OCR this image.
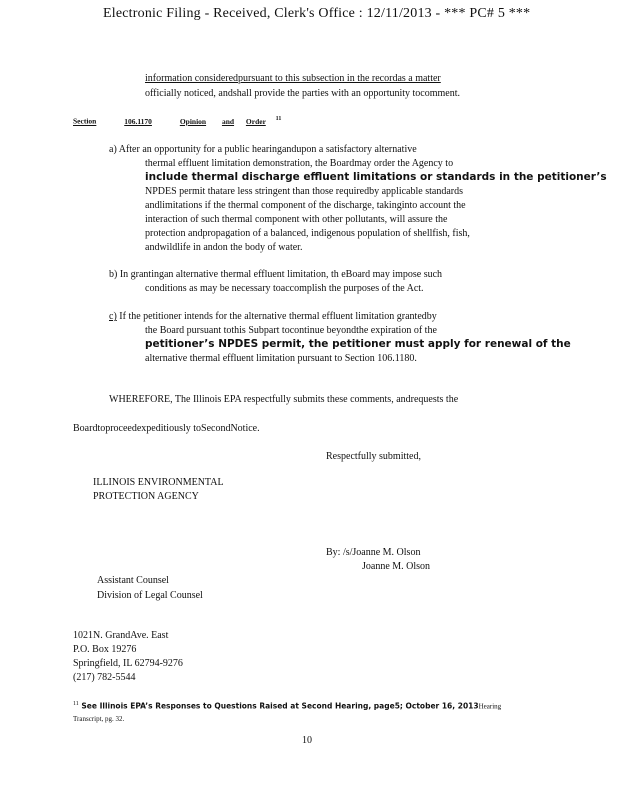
Electronic Filing - Received, Clerk's Office : 12/11/2013 - *** PC# 5 ***
information consideredpursuant to this subsection in the recordas a matter
officially noticed, andshall provide the parties with an opportunity tocomment.
Section	106.1170	Opinion and Order $^{11}$
a) After an opportunity for a public hearingandupon a satisfactory alternative
thermal effluent limitation demonstration, the Boardmay order the Agency to
include thermal discharge effluent limitations or standards in the petitioner’s
NPDES permit thatare less stringent than those requiredby applicable standards
andlimitations if the thermal component of the discharge, takinginto account the
interaction of such thermal component with other pollutants, will assure the
protection andpropagation of a balanced, indigenous population of shellfish, fish,
andwildlife in andon the body of water.
b) In grantingan alternative thermal effluent limitation, th eBoard may impose such
conditions as may be necessary toaccomplish the purposes of the Act.
c) If the petitioner intends for the alternative thermal effluent limitation grantedby
the Board pursuant tothis Subpart tocontinue beyondthe expiration of the
petitioner’s NPDES permit, the petitioner must apply for renewal of the
alternative thermal effluent limitation pursuant to Section 106.1180.
WHEREFORE, The Illinois EPA respectfully submits these comments, andrequests the
Boardtoproceedexpeditiously toSecondNotice.
Respectfully submitted,
ILLINOIS ENVIRONMENTAL
PROTECTION AGENCY
By: /s/Joanne M. Olson
Joanne M. Olson
Assistant Counsel
Division of Legal Counsel
1021N. GrandAve. East
P.O. Box 19276
Springfield, IL 62794-9276
(217) 782-5544
$^{11}$ See Illinois EPA’s Responses to Questions Raised at Second Hearing, page5; October 16, 2013Hearing
Transcript, pg. 32.
10
